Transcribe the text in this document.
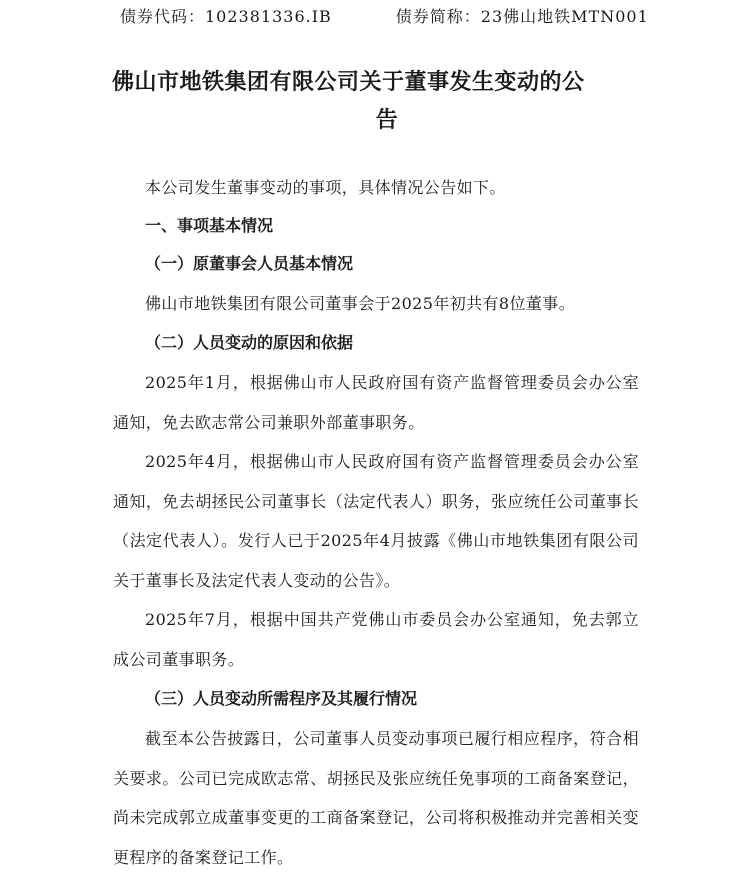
债券代码：102381336.IB	债券简称：23佛山地铁MTN001
佛山市地铁集团有限公司关于董事发生变动的公
告

本公司发生董事变动的事项，具体情况公告如下。

一、事项基本情况

（一）原董事会人员基本情况

佛山市地铁集团有限公司董事会于2025年初共有8位董事。

（二）人员变动的原因和依据

2025年1月，根据佛山市人民政府国有资产监督管理委员会办公室通知，免去欧志常公司兼职外部董事职务。

2025年4月，根据佛山市人民政府国有资产监督管理委员会办公室通知，免去胡拯民公司董事长（法定代表人）职务，张应统任公司董事长（法定代表人）。发行人已于2025年4月披露《佛山市地铁集团有限公司关于董事长及法定代表人变动的公告》。

2025年7月，根据中国共产党佛山市委员会办公室通知，免去郭立成公司董事职务。

（三）人员变动所需程序及其履行情况

截至本公告披露日，公司董事人员变动事项已履行相应程序，符合相关要求。公司已完成欧志常、胡拯民及张应统任免事项的工商备案登记，尚未完成郭立成董事变更的工商备案登记，公司将积极推动并完善相关变更程序的备案登记工作。
